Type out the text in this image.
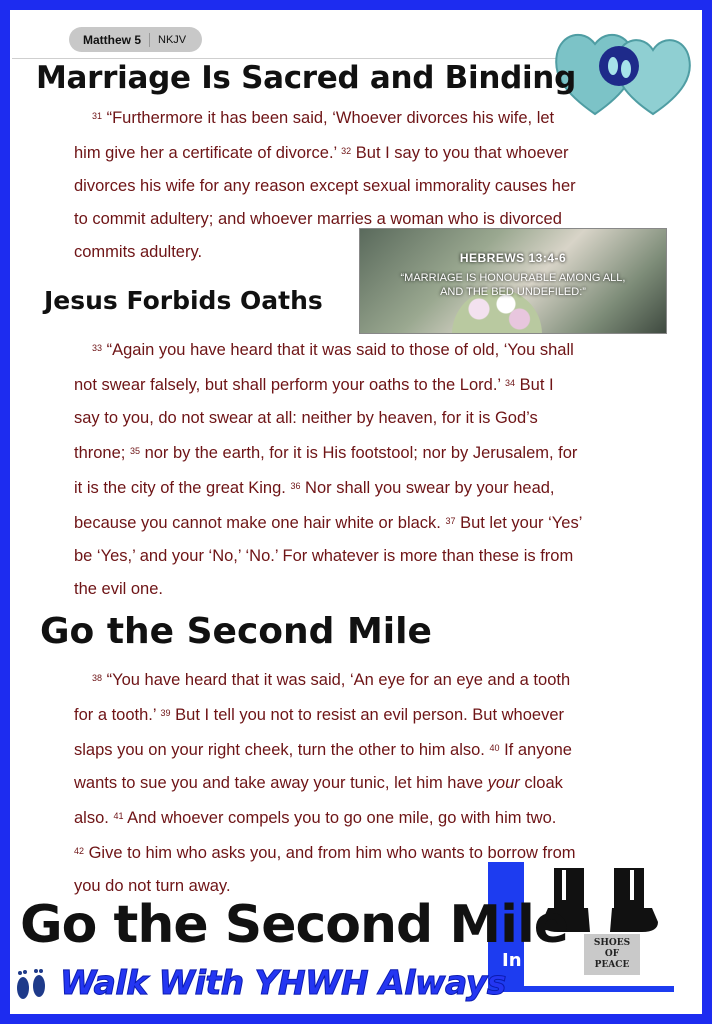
Matthew 5	NKJV
Marriage Is Sacred and Binding
$^{31}$ “Furthermore it has been said, ‘Whoever divorces his wife, let
him give her a certificate of divorce.’ $^{32}$ But I say to you that whoever
divorces his wife for any reason except sexual immorality causes her
to commit adultery; and whoever marries a woman who is divorced
commits adultery.	HEBREWS 13:4-6
“MARRIAGE IS HONOURABLE AMONG ALL,
AND THE BED UNDEFILED:”
Jesus Forbids Oaths
$^{33}$ “Again you have heard that it was said to those of old, ‘You shall
not swear falsely, but shall perform your oaths to the Lord.’ $^{34}$ But I
say to you, do not swear at all: neither by heaven, for it is God’s
throne; $^{35}$ nor by the earth, for it is His footstool; nor by Jerusalem, for
it is the city of the great King. $^{36}$ Nor shall you swear by your head,
because you cannot make one hair white or black. $^{37}$ But let your ‘Yes’
be ‘Yes,’ and your ‘No,’ ‘No.’ For whatever is more than these is from
the evil one.
Go the Second Mile
$^{38}$ “You have heard that it was said, ‘An eye for an eye and a tooth
for a tooth.’ $^{39}$ But I tell you not to resist an evil person. But whoever
slaps you on your right cheek, turn the other to him also. $^{40}$ If anyone
wants to sue you and take away your tunic, let him have your cloak
also. $^{41}$ And whoever compels you to go one mile, go with him two.
$^{42}$ Give to him who asks you, and from him who wants to borrow from
you do not turn away.
In
SHOES
OF
PEACE
Go the Second Mile
Walk With YHWH Always
